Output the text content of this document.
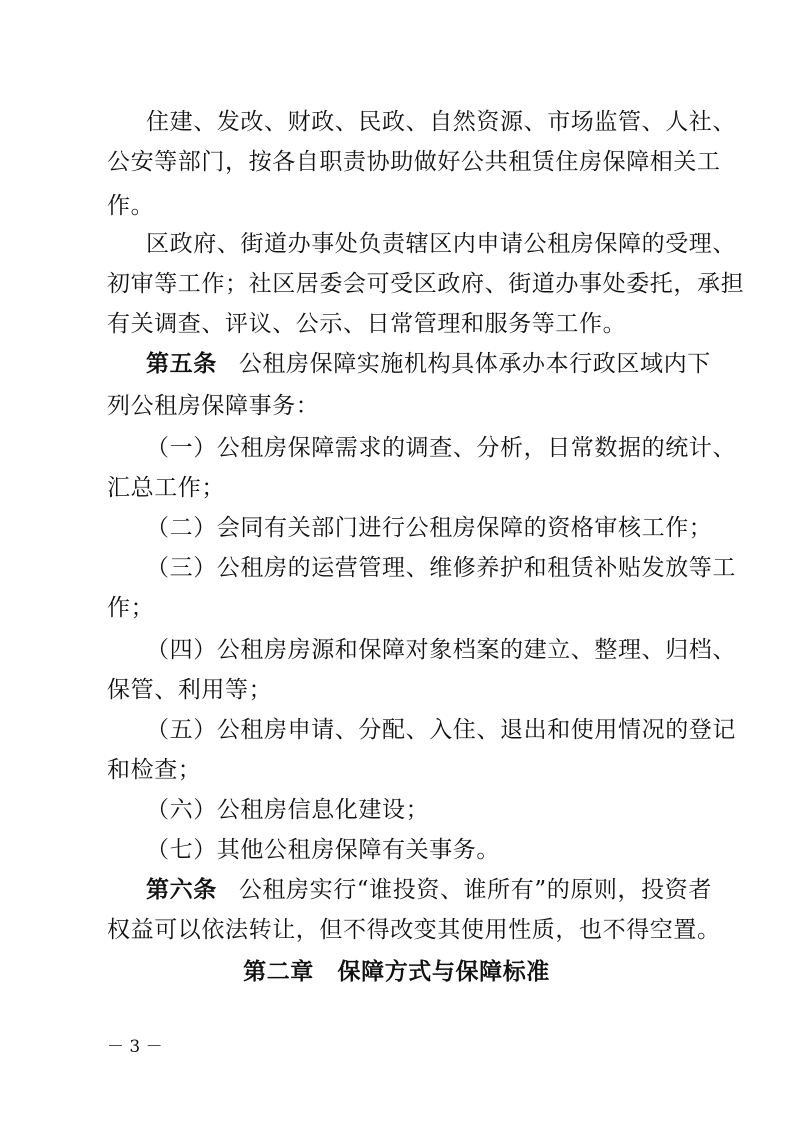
住建、发改、财政、民政、自然资源、市场监管、人社、
公安等部门，按各自职责协助做好公共租赁住房保障相关工
作。
区政府、街道办事处负责辖区内申请公租房保障的受理、
初审等工作；社区居委会可受区政府、街道办事处委托，承担
有关调查、评议、公示、日常管理和服务等工作。
第五条 公租房保障实施机构具体承办本行政区域内下
列公租房保障事务：
（一）公租房保障需求的调查、分析，日常数据的统计、
汇总工作；
（二）会同有关部门进行公租房保障的资格审核工作；
（三）公租房的运营管理、维修养护和租赁补贴发放等工
作；
（四）公租房房源和保障对象档案的建立、整理、归档、
保管、利用等；
（五）公租房申请、分配、入住、退出和使用情况的登记
和检查；
（六）公租房信息化建设；
（七）其他公租房保障有关事务。
第六条 公租房实行“谁投资、谁所有”的原则，投资者
权益可以依法转让，但不得改变其使用性质，也不得空置。
第二章　保障方式与保障标准
－ 3 －
